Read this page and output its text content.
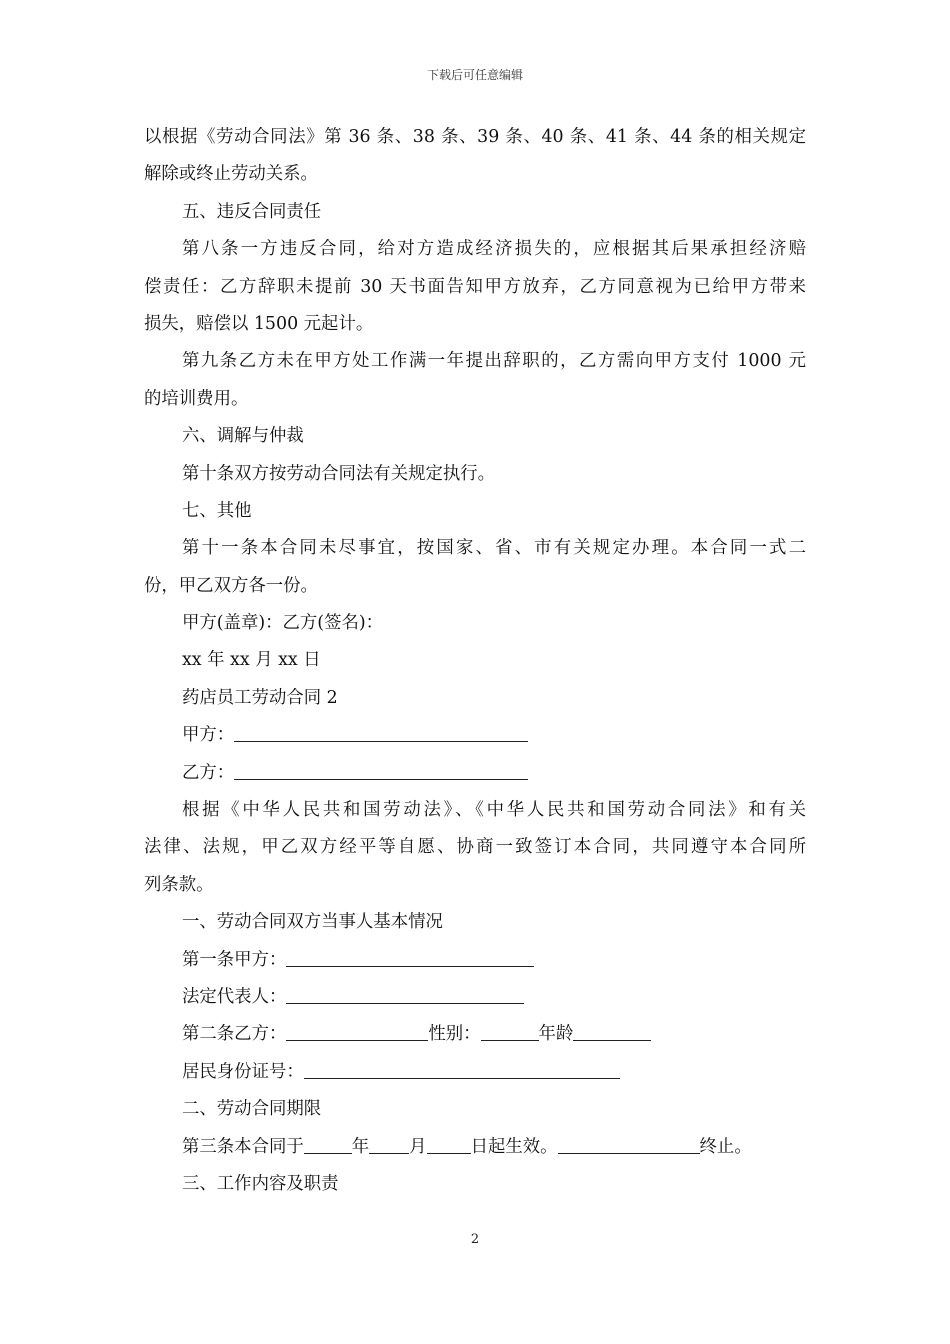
下载后可任意编辑
以根据《劳动合同法》第 36 条、38 条、39 条、40 条、41 条、44 条的相关规定
解除或终止劳动关系。
五、违反合同责任
第八条一方违反合同，给对方造成经济损失的，应根据其后果承担经济赔
偿责任：乙方辞职未提前 30 天书面告知甲方放弃，乙方同意视为已给甲方带来
损失，赔偿以 1500 元起计。
第九条乙方未在甲方处工作满一年提出辞职的，乙方需向甲方支付 1000 元
的培训费用。
六、调解与仲裁
第十条双方按劳动合同法有关规定执行。
七、其他
第十一条本合同未尽事宜，按国家、省、市有关规定办理。本合同一式二
份，甲乙双方各一份。
甲方(盖章)：乙方(签名)：
xx 年 xx 月 xx 日
药店员工劳动合同 2
甲方：
乙方：
根据《中华人民共和国劳动法》、《中华人民共和国劳动合同法》和有关
法律、法规，甲乙双方经平等自愿、协商一致签订本合同，共同遵守本合同所
列条款。
一、劳动合同双方当事人基本情况
第一条甲方：
法定代表人：
第二条乙方：	性别：	年龄
居民身份证号：
二、劳动合同期限
第三条本合同于	年 月	日起生效。	终止。
三、工作内容及职责
2
